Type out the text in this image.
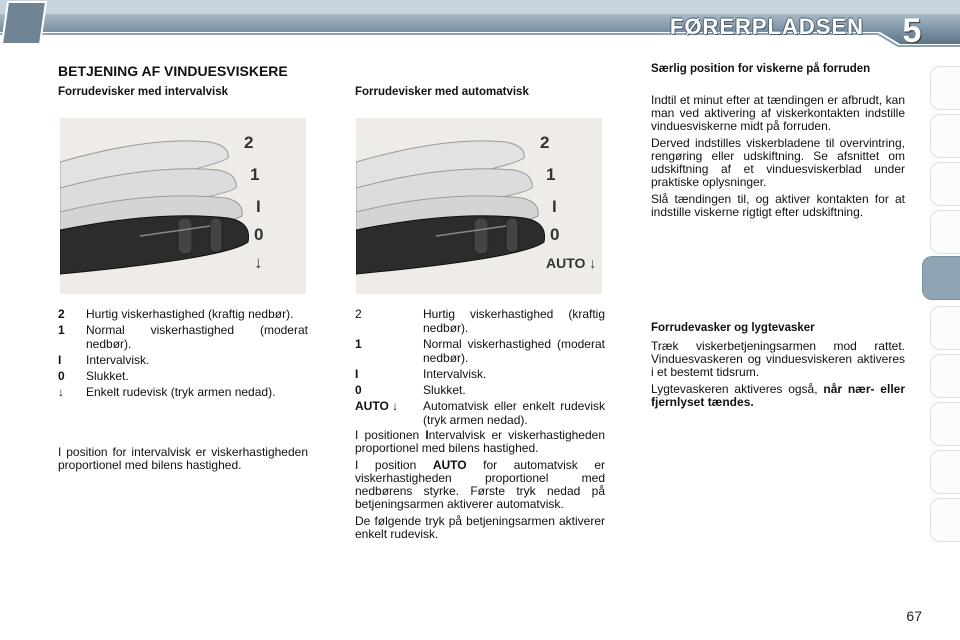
FØRERPLADSEN 5
BETJENING AF VINDUESVISKERE
Forrudevisker med intervalvisk
2
1
I
0
↓
2	Hurtig viskerhastighed (kraftig nedbør).
1	Normal viskerhastighed (moderat nedbør).
I	Intervalvisk.
0	Slukket.
↓	Enkelt rudevisk (tryk armen nedad).

I position for intervalvisk er viskerhastigheden proportionel med bilens hastighed.

Forrudevisker med automatvisk
2
1
I
0
AUTO ↓
2	Hurtig viskerhastighed (kraftig nedbør).
1	Normal viskerhastighed (moderat nedbør).
I	Intervalvisk.
0	Slukket.
AUTO ↓	Automatvisk eller enkelt rudevisk (tryk armen nedad).

I positionen Intervalvisk er viskerhastigheden proportionel med bilens hastighed.

I position AUTO for automatvisk er viskerhastigheden proportionel med nedbørens styrke. Første tryk nedad på betjeningsarmen aktiverer automatvisk.

De følgende tryk på betjeningsarmen aktiverer enkelt rudevisk.

Særlig position for viskerne på forruden

Indtil et minut efter at tændingen er afbrudt, kan man ved aktivering af viskerkontakten indstille vinduesviskerne midt på forruden.

Derved indstilles viskerbladene til overvintring, rengøring eller udskiftning. Se afsnittet om udskiftning af et vinduesviskerblad under praktiske oplysninger.

Slå tændingen til, og aktiver kontakten for at indstille viskerne rigtigt efter udskiftning.

Forrudevasker og lygtevasker

Træk viskerbetjeningsarmen mod rattet. Vinduesvaskeren og vinduesviskeren aktiveres i et bestemt tidsrum.

Lygtevaskeren aktiveres også, når nær- eller fjernlyset tændes.

67
